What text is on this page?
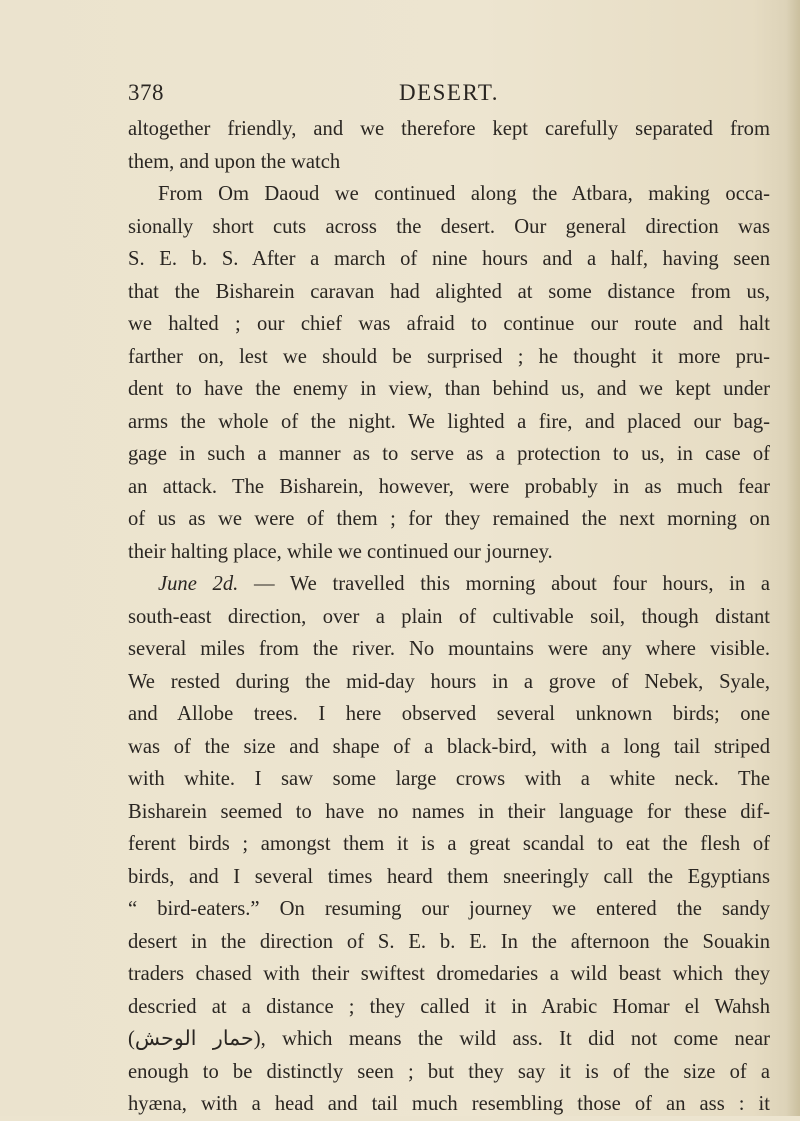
378	DESERT.
altogether friendly, and we therefore kept carefully separated from
them, and upon the watch
From Om Daoud we continued along the Atbara, making occa-
sionally short cuts across the desert. Our general direction was
S. E. b. S. After a march of nine hours and a half, having seen
that the Bisharein caravan had alighted at some distance from us,
we halted ; our chief was afraid to continue our route and halt
farther on, lest we should be surprised ; he thought it more pru-
dent to have the enemy in view, than behind us, and we kept under
arms the whole of the night. We lighted a fire, and placed our bag-
gage in such a manner as to serve as a protection to us, in case of
an attack. The Bisharein, however, were probably in as much fear
of us as we were of them ; for they remained the next morning on
their halting place, while we continued our journey.
June 2d. — We travelled this morning about four hours, in a
south-east direction, over a plain of cultivable soil, though distant
several miles from the river. No mountains were any where visible.
We rested during the mid-day hours in a grove of Nebek, Syale,
and Allobe trees. I here observed several unknown birds; one
was of the size and shape of a black-bird, with a long tail striped
with white. I saw some large crows with a white neck. The
Bisharein seemed to have no names in their language for these dif-
ferent birds ; amongst them it is a great scandal to eat the flesh of
birds, and I several times heard them sneeringly call the Egyptians
“ bird-eaters.” On resuming our journey we entered the sandy
desert in the direction of S. E. b. E. In the afternoon the Souakin
traders chased with their swiftest dromedaries a wild beast which they
descried at a distance ; they called it in Arabic Homar el Wahsh
(حمار الوحش), which means the wild ass. It did not come near
enough to be distinctly seen ; but they say it is of the size of a
hyæna, with a head and tail much resembling those of an ass : it
